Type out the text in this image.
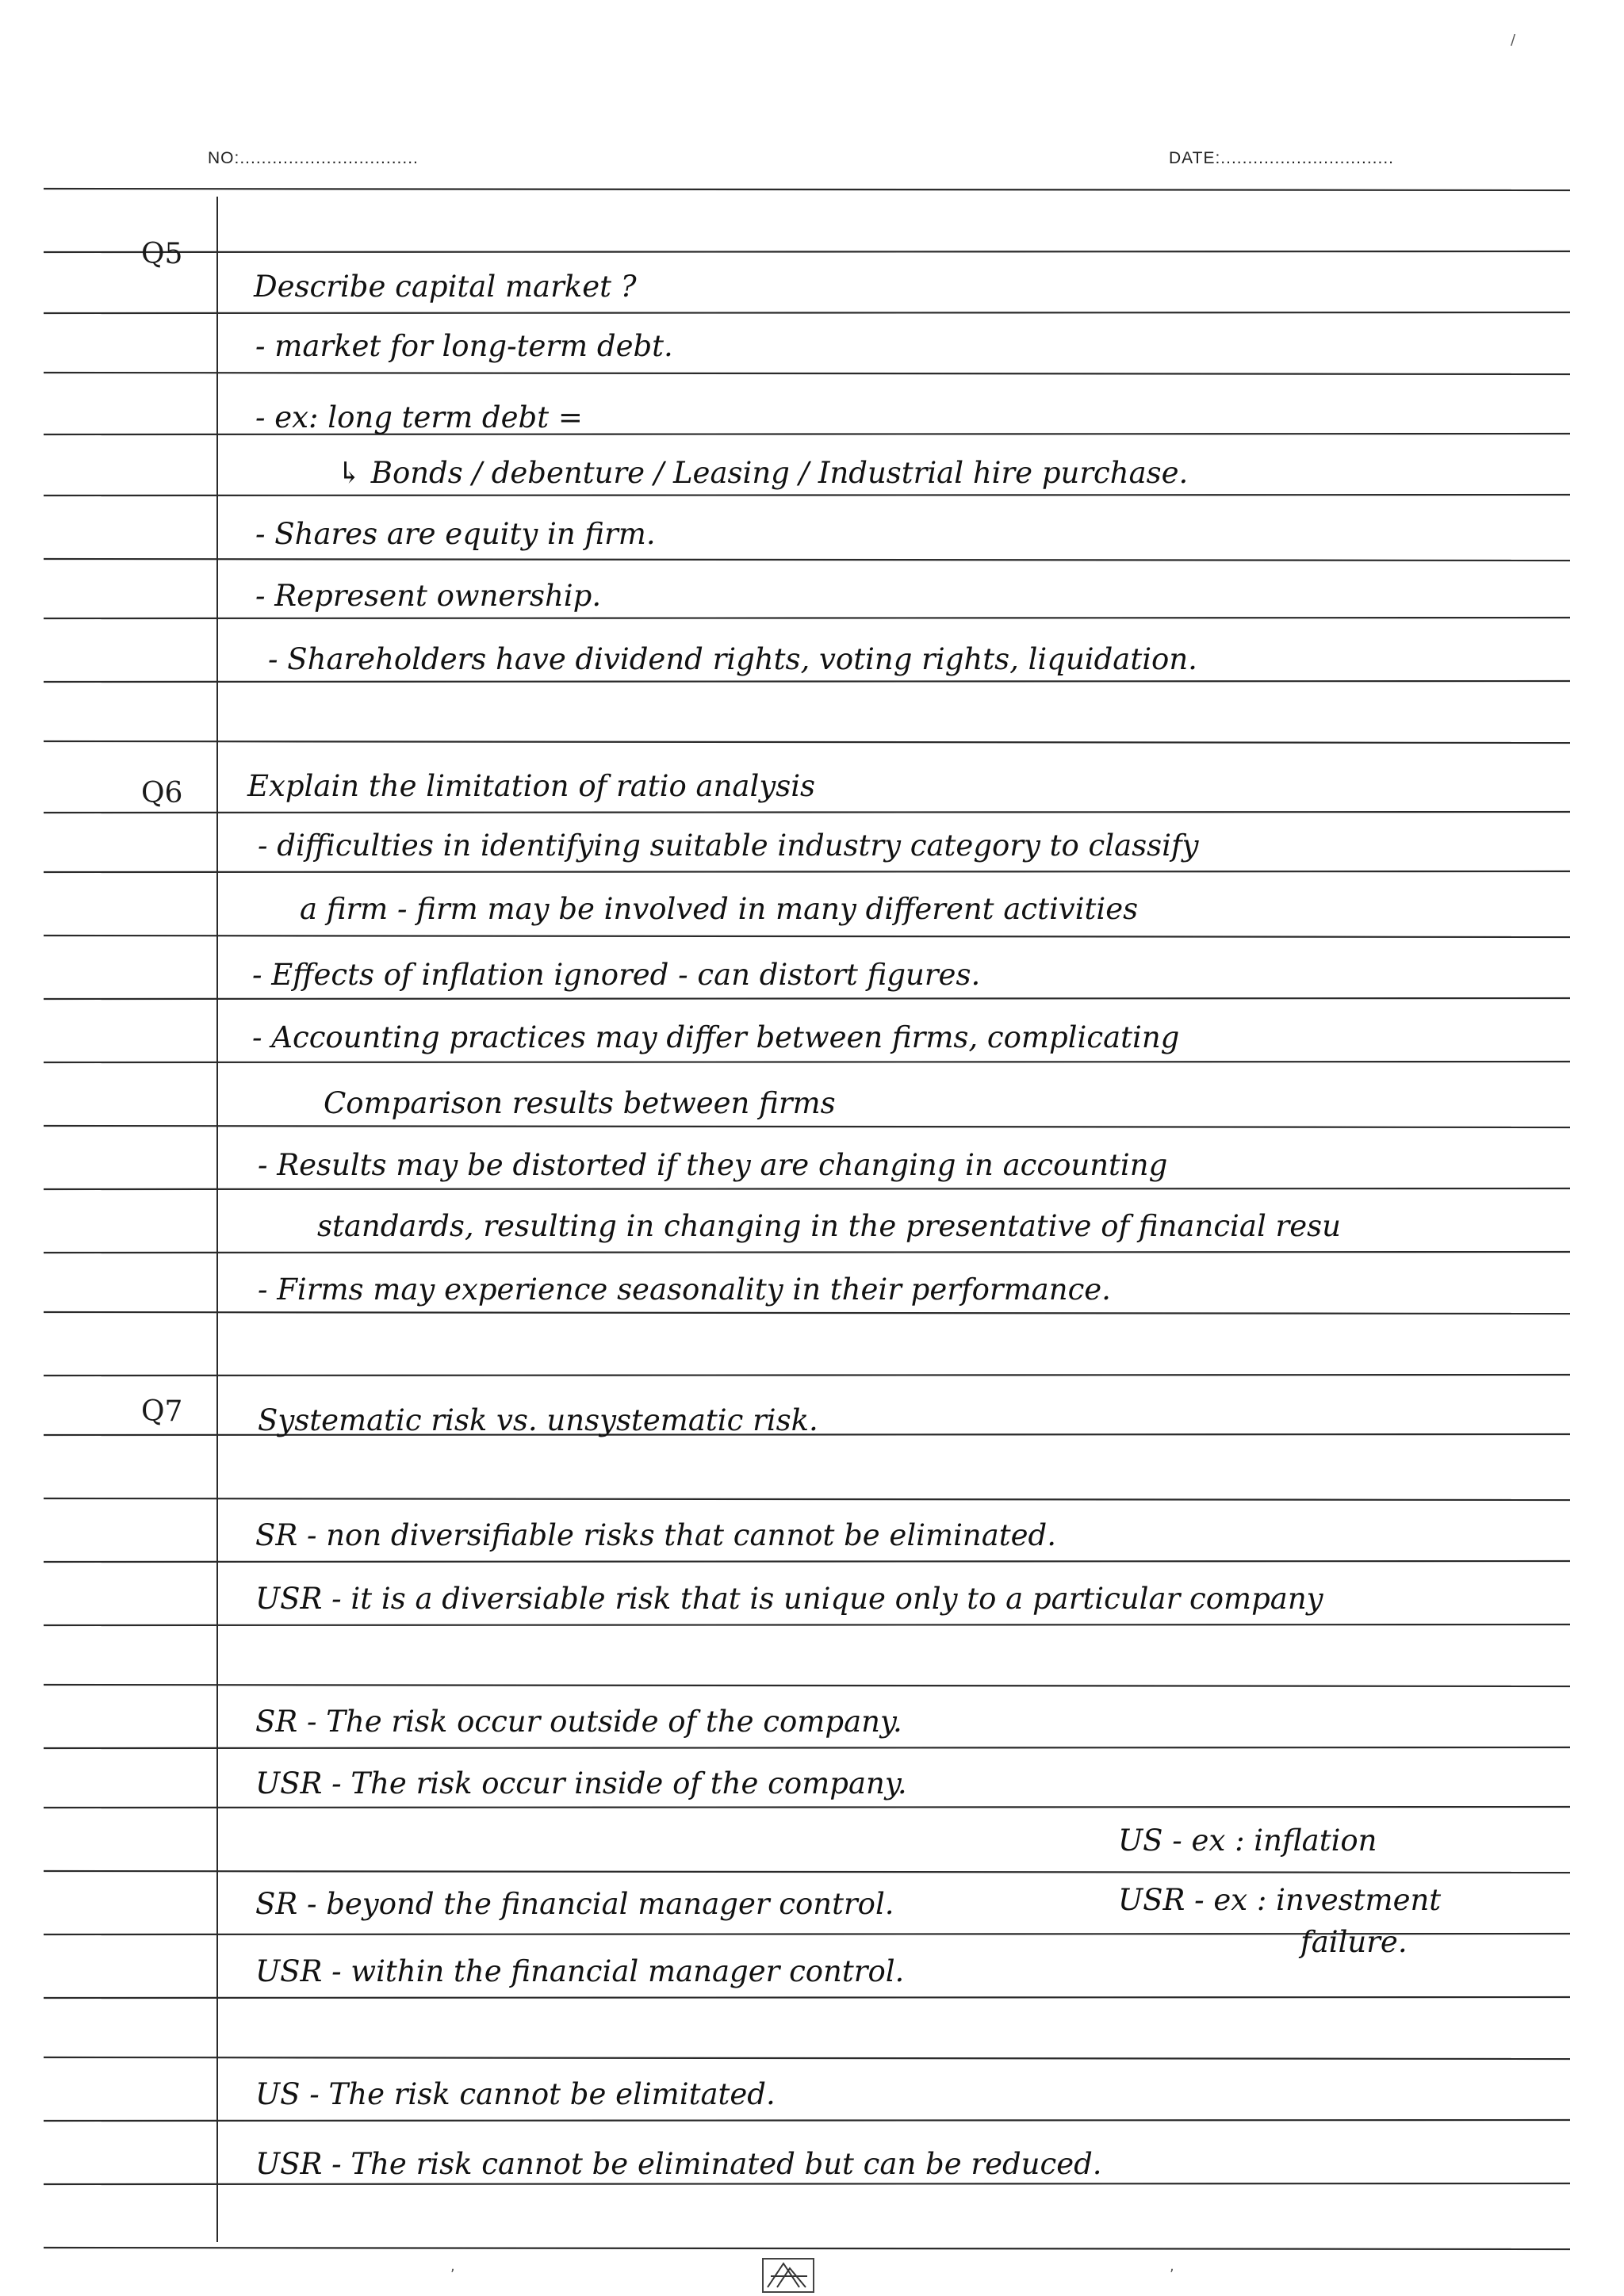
NO:.................................	DATE:................................
Q5
Q6
Q7
Describe capital market ?
- market for long-term debt.
- ex: long term debt =
↳ Bonds / debenture / Leasing / Industrial hire purchase.
- Shares are equity in firm.
- Represent ownership.
- Shareholders have dividend rights, voting rights, liquidation.
Explain the limitation of ratio analysis
- difficulties in identifying suitable industry category to classify
a firm - firm may be involved in many different activities
- Effects of inflation ignored - can distort figures.
- Accounting practices may differ between firms, complicating
Comparison results between firms
- Results may be distorted if they are changing in accounting
standards, resulting in changing in the presentative of financial resu
- Firms may experience seasonality in their performance.
Systematic risk vs. unsystematic risk.
SR - non diversifiable risks that cannot be eliminated.
USR - it is a diversiable risk that is unique only to a particular company
SR - The risk occur outside of the company.
USR - The risk occur inside of the company.
US - ex : inflation
SR - beyond the financial manager control.	USR - ex : investment
failure.
USR - within the financial manager control.
US - The risk cannot be elimitated.
USR - The risk cannot be eliminated but can be reduced.
/
,	,
